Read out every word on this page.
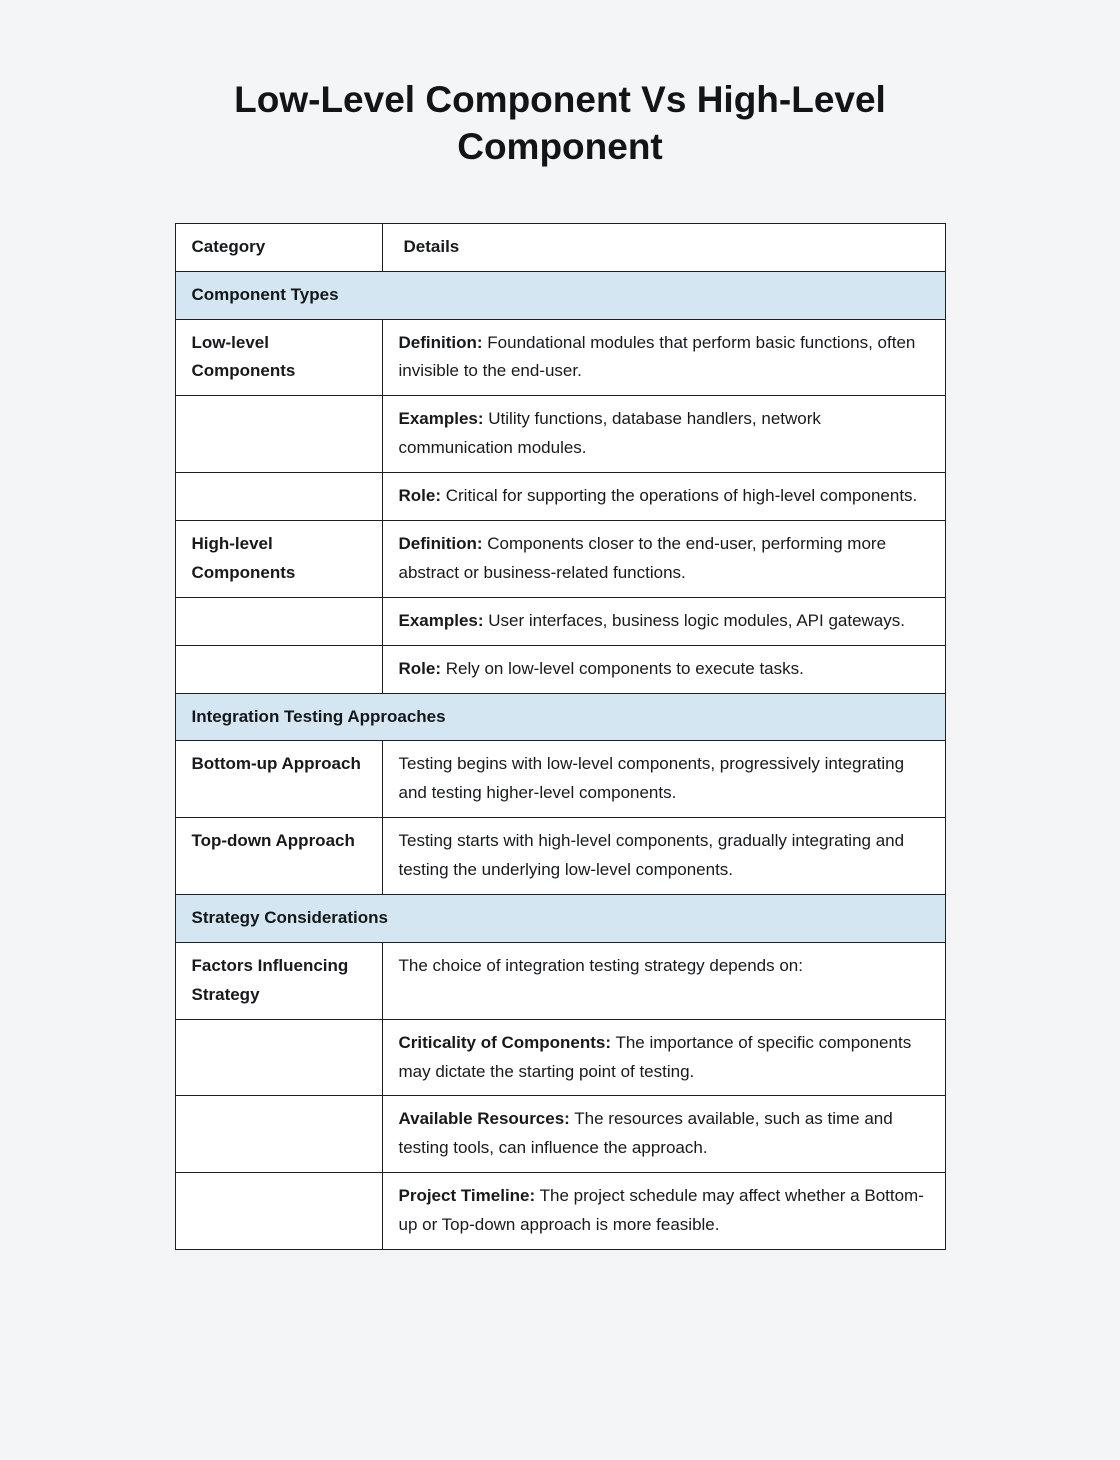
Low-Level Component Vs High-Level Component
Category	Details
Component Types	
Low-level Components	Definition: Foundational modules that perform basic functions, often invisible to the end-user.
	Examples: Utility functions, database handlers, network communication modules.
	Role: Critical for supporting the operations of high-level components.
High-level Components	Definition: Components closer to the end-user, performing more abstract or business-related functions.
	Examples: User interfaces, business logic modules, API gateways.
	Role: Rely on low-level components to execute tasks.
Integration Testing Approaches	
Bottom-up Approach	Testing begins with low-level components, progressively integrating and testing higher-level components.
Top-down Approach	Testing starts with high-level components, gradually integrating and testing the underlying low-level components.
Strategy Considerations	
Factors Influencing Strategy	The choice of integration testing strategy depends on:
	Criticality of Components: The importance of specific components may dictate the starting point of testing.
	Available Resources: The resources available, such as time and testing tools, can influence the approach.
	Project Timeline: The project schedule may affect whether a Bottom-up or Top-down approach is more feasible.
